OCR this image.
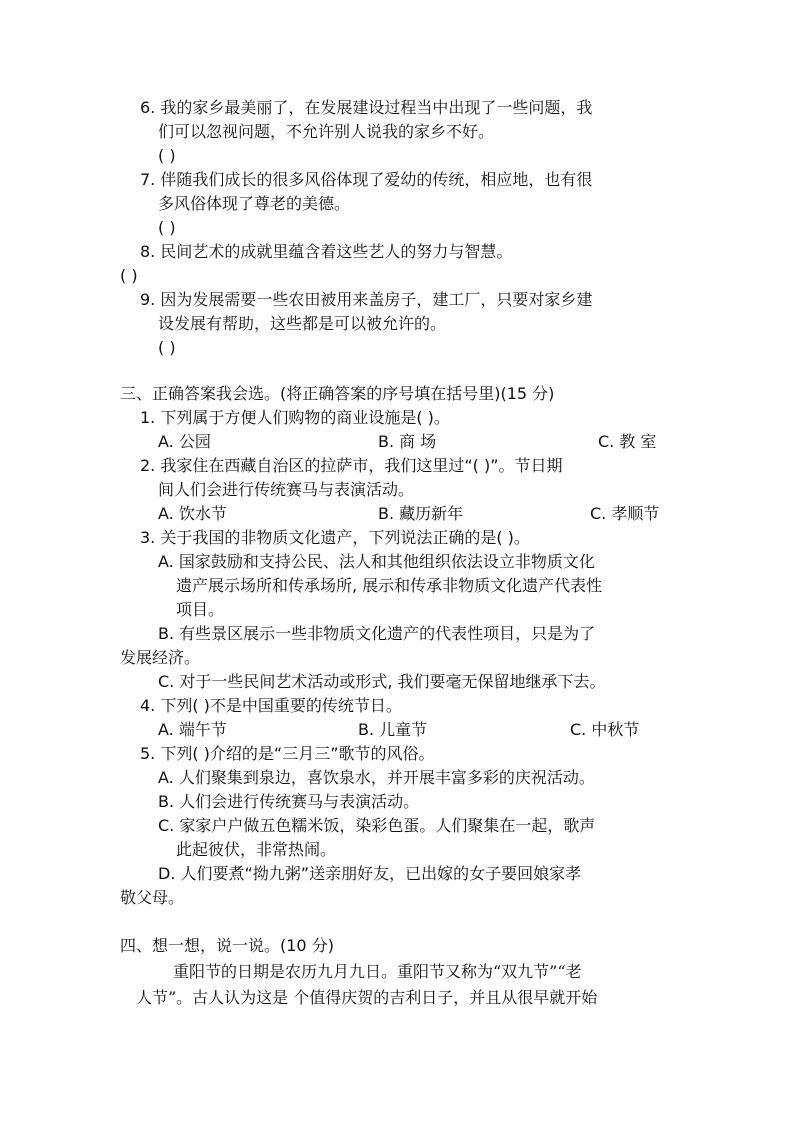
6. 我的家乡最美丽了，在发展建设过程当中出现了一些问题，我
们可以忽视问题，不允许别人说我的家乡不好。
( )
7. 伴随我们成长的很多风俗体现了爱幼的传统，相应地，也有很
多风俗体现了尊老的美德。
( )
8. 民间艺术的成就里蕴含着这些艺人的努力与智慧。
( )
9. 因为发展需要一些农田被用来盖房子，建工厂，只要对家乡建
设发展有帮助，这些都是可以被允许的。
( )
三、正确答案我会选。(将正确答案的序号填在括号里)(15 分)
1. 下列属于方便人们购物的商业设施是( )。
A. 公园	B. 商 场	C. 教 室
2. 我家住在西藏自治区的拉萨市，我们这里过“( )”。节日期
间人们会进行传统赛马与表演活动。
A. 饮水节	B. 藏历新年	C. 孝顺节
3. 关于我国的非物质文化遗产，下列说法正确的是( )。
A. 国家鼓励和支持公民、法人和其他组织依法设立非物质文化
遗产展示场所和传承场所, 展示和传承非物质文化遗产代表性
项目。
B. 有些景区展示一些非物质文化遗产的代表性项目，只是为了
发展经济。
C. 对于一些民间艺术活动或形式, 我们要毫无保留地继承下去。
4. 下列( )不是中国重要的传统节日。
A. 端午节	B. 儿童节	C. 中秋节
5. 下列( )介绍的是“三月三”歌节的风俗。
A. 人们聚集到泉边，喜饮泉水，并开展丰富多彩的庆祝活动。
B. 人们会进行传统赛马与表演活动。
C. 家家户户做五色糯米饭，染彩色蛋。人们聚集在一起，歌声
此起彼伏，非常热闹。
D. 人们要煮“拗九粥”送亲朋好友，已出嫁的女子要回娘家孝
敬父母。
四、想一想，说一说。(10 分)
重阳节的日期是农历九月九日。重阳节又称为“双九节”“老
人节”。古人认为这是 个值得庆贺的吉利日子，并且从很早就开始
